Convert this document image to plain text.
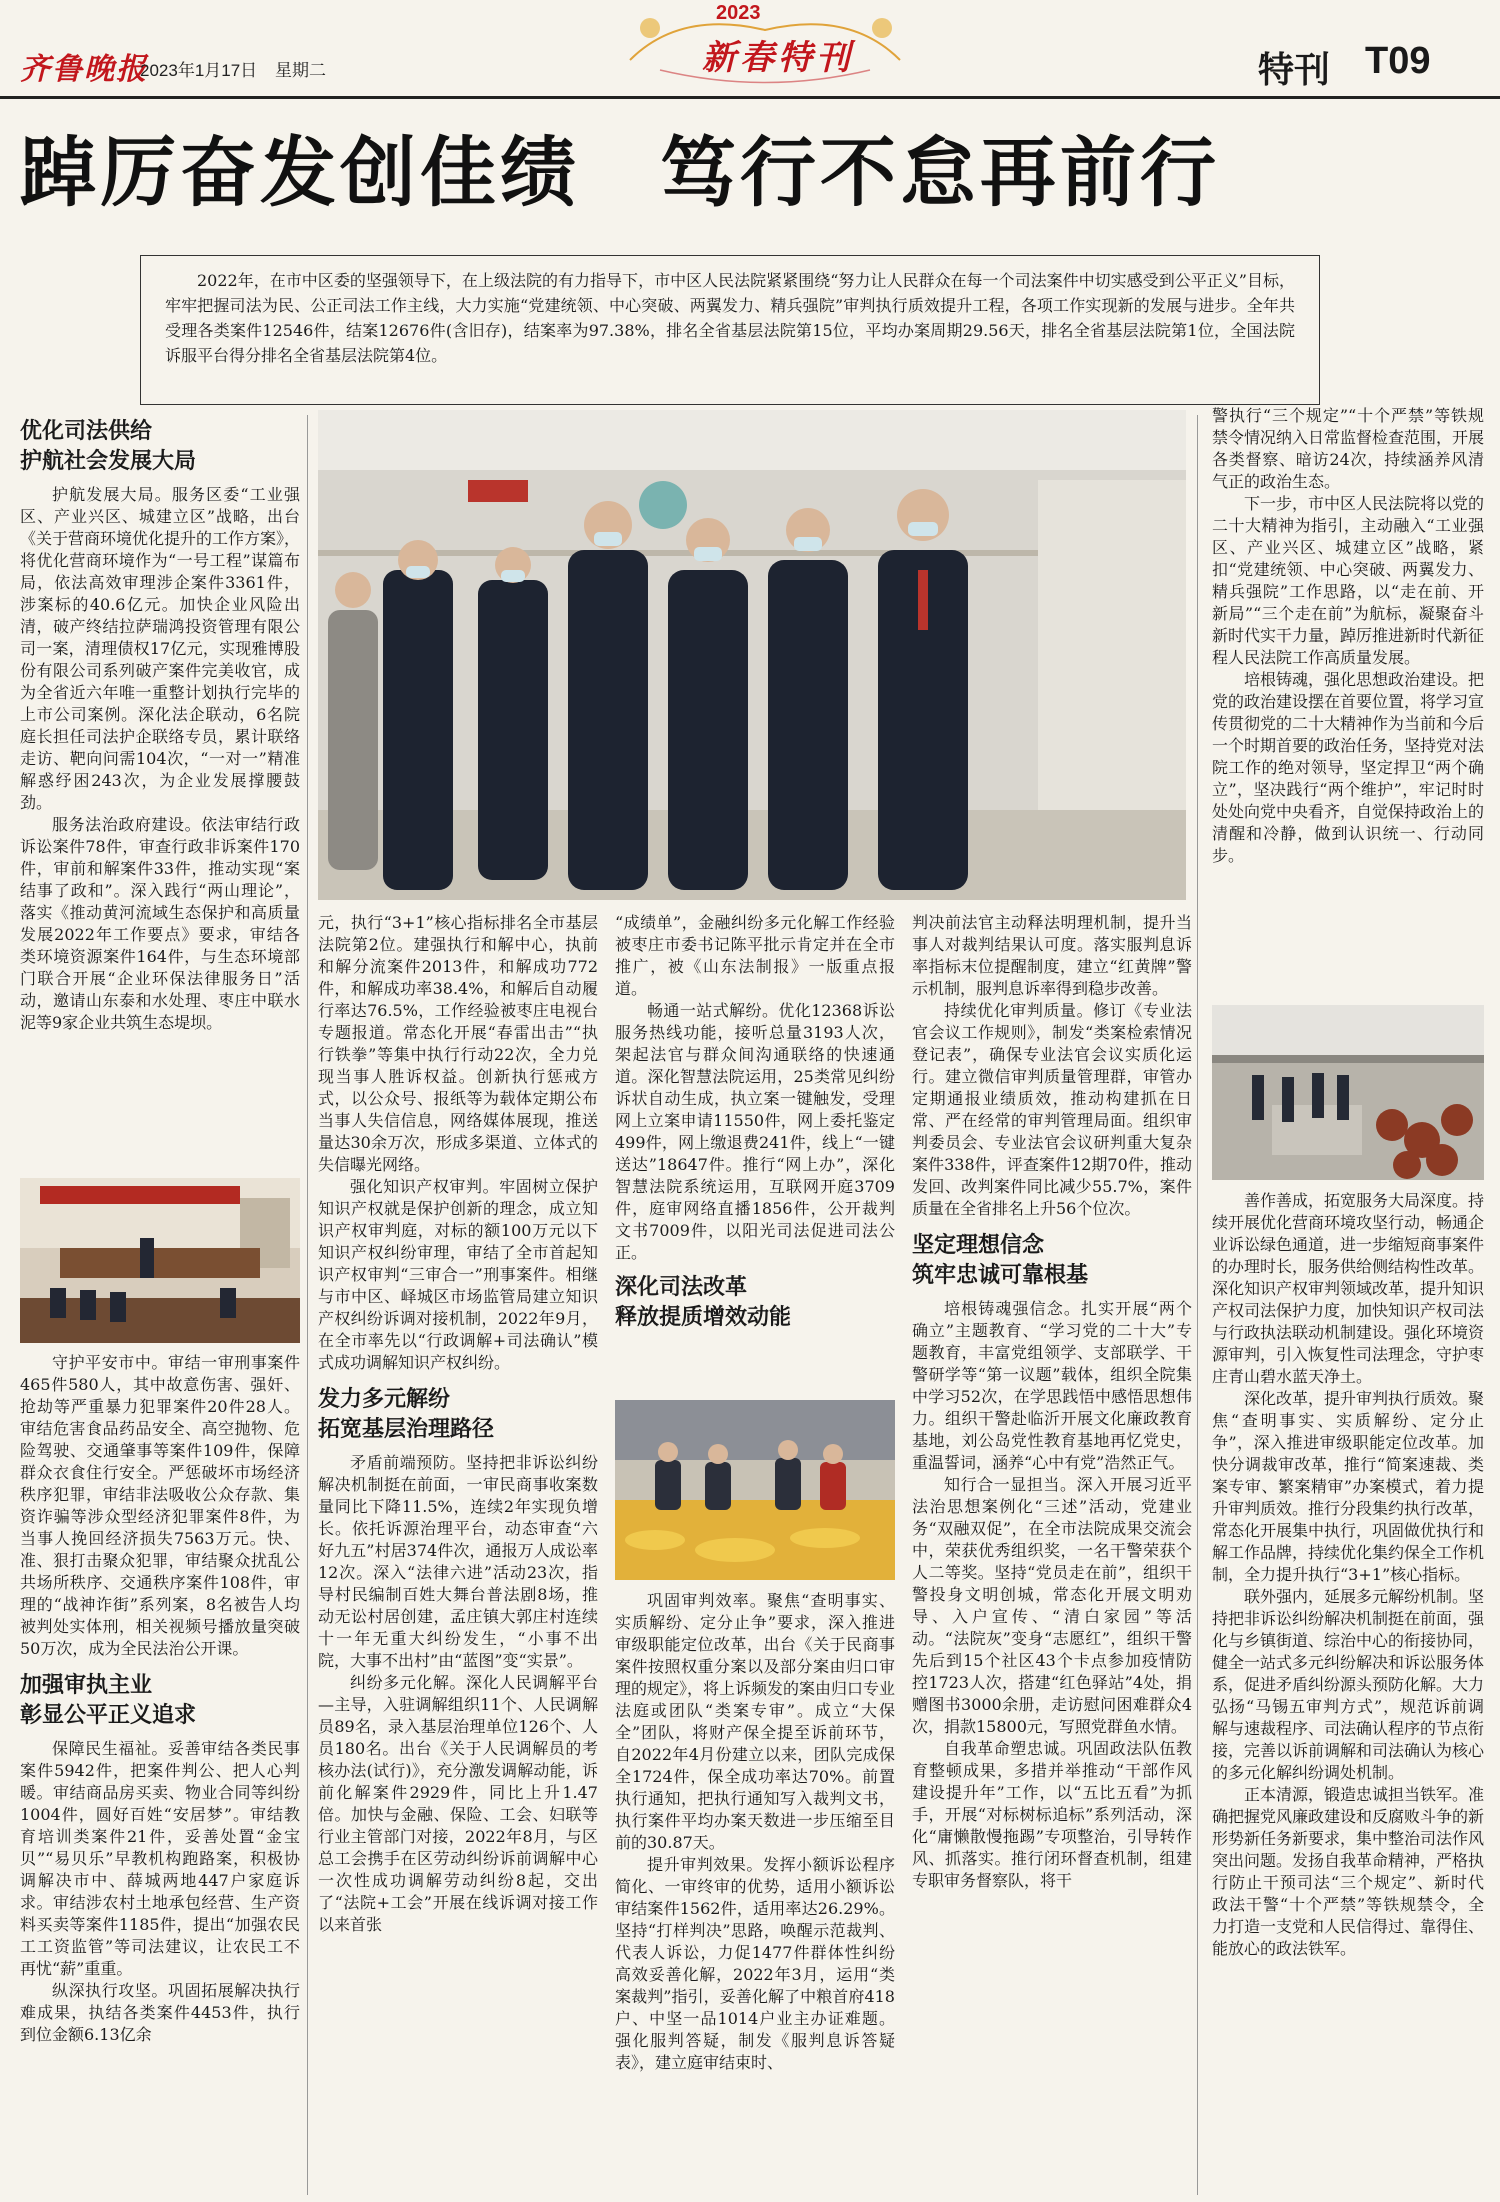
齐鲁晚报
2023年1月17日 星期二
2023
新春特刊	特刊 T09
踔厉奋发创佳绩 笃行不怠再前行
2022年，在市中区委的坚强领导下，在上级法院的有力指导下，市中区人民法院紧紧围绕“努力让人民群众在每一个司法案件中切实感受到公平正义”目标，牢牢把握司法为民、公正司法工作主线，大力实施“党建统领、中心突破、两翼发力、精兵强院”审判执行质效提升工程，各项工作实现新的发展与进步。全年共受理各类案件12546件，结案12676件(含旧存)，结案率为97.38%，排名全省基层法院第15位，平均办案周期29.56天，排名全省基层法院第1位，全国法院诉服平台得分排名全省基层法院第4位。
优化司法供给
护航社会发展大局

护航发展大局。服务区委“工业强区、产业兴区、城建立区”战略，出台《关于营商环境优化提升的工作方案》，将优化营商环境作为“一号工程”谋篇布局，依法高效审理涉企案件3361件，涉案标的40.6亿元。加快企业风险出清，破产终结拉萨瑞鸿投资管理有限公司一案，清理债权17亿元，实现雅博股份有限公司系列破产案件完美收官，成为全省近六年唯一重整计划执行完毕的上市公司案例。深化法企联动，6名院庭长担任司法护企联络专员，累计联络走访、靶向问需104次，“一对一”精准解惑纾困243次，为企业发展撑腰鼓劲。

服务法治政府建设。依法审结行政诉讼案件78件，审查行政非诉案件170件，审前和解案件33件，推动实现“案结事了政和”。深入践行“两山理论”，落实《推动黄河流域生态保护和高质量发展2022年工作要点》要求，审结各类环境资源案件164件，与生态环境部门联合开展“企业环保法律服务日”活动，邀请山东泰和水处理、枣庄中联水泥等9家企业共筑生态堤坝。

守护平安市中。审结一审刑事案件465件580人，其中故意伤害、强奸、抢劫等严重暴力犯罪案件20件28人。审结危害食品药品安全、高空抛物、危险驾驶、交通肇事等案件109件，保障群众衣食住行安全。严惩破坏市场经济秩序犯罪，审结非法吸收公众存款、集资诈骗等涉众型经济犯罪案件8件，为当事人挽回经济损失7563万元。快、准、狠打击聚众犯罪，审结聚众扰乱公共场所秩序、交通秩序案件108件，审理的“战神诈街”系列案，8名被告人均被判处实体刑，相关视频号播放量突破50万次，成为全民法治公开课。

加强审执主业
彰显公平正义追求

保障民生福祉。妥善审结各类民事案件5942件，把案件判公、把人心判暖。审结商品房买卖、物业合同等纠纷1004件，圆好百姓“安居梦”。审结教育培训类案件21件，妥善处置“金宝贝”“易贝乐”早教机构跑路案，积极协调解决市中、薛城两地447户家庭诉求。审结涉农村土地承包经营、生产资料买卖等案件1185件，提出“加强农民工工资监管”等司法建议，让农民工不再忧“薪”重重。

纵深执行攻坚。巩固拓展解决执行难成果，执结各类案件4453件，执行到位金额6.13亿余

元，执行“3+1”核心指标排名全市基层法院第2位。建强执行和解中心，执前和解分流案件2013件，和解成功772件，和解成功率38.4%，和解后自动履行率达76.5%，工作经验被枣庄电视台专题报道。常态化开展“春雷出击”“执行铁拳”等集中执行行动22次，全力兑现当事人胜诉权益。创新执行惩戒方式，以公众号、报纸等为载体定期公布当事人失信信息，网络媒体展现，推送量达30余万次，形成多渠道、立体式的失信曝光网络。

强化知识产权审判。牢固树立保护知识产权就是保护创新的理念，成立知识产权审判庭，对标的额100万元以下知识产权纠纷审理，审结了全市首起知识产权审判“三审合一”刑事案件。相继与市中区、峄城区市场监管局建立知识产权纠纷诉调对接机制，2022年9月，在全市率先以“行政调解+司法确认”模式成功调解知识产权纠纷。

发力多元解纷
拓宽基层治理路径

矛盾前端预防。坚持把非诉讼纠纷解决机制挺在前面，一审民商事收案数量同比下降11.5%，连续2年实现负增长。依托诉源治理平台，动态审查“六好九五”村居374件次，通报万人成讼率12次。深入“法律六进”活动23次，指导村民编制百姓大舞台普法剧8场，推动无讼村居创建，孟庄镇大郭庄村连续十一年无重大纠纷发生，“小事不出院，大事不出村”由“蓝图”变“实景”。

纠纷多元化解。深化人民调解平台—主导，入驻调解组织11个、人民调解员89名，录入基层治理单位126个、人员180名。出台《关于人民调解员的考核办法(试行)》，充分激发调解动能，诉前化解案件2929件，同比上升1.47倍。加快与金融、保险、工会、妇联等行业主管部门对接，2022年8月，与区总工会携手在区劳动纠纷诉前调解中心一次性成功调解劳动纠纷8起，交出了“法院+工会”开展在线诉调对接工作以来首张

“成绩单”，金融纠纷多元化解工作经验被枣庄市委书记陈平批示肯定并在全市推广，被《山东法制报》一版重点报道。

畅通一站式解纷。优化12368诉讼服务热线功能，接听总量3193人次，架起法官与群众间沟通联络的快速通道。深化智慧法院运用，25类常见纠纷诉状自动生成，执立案一键触发，受理网上立案申请11550件，网上委托鉴定499件，网上缴退费241件，线上“一键送达”18647件。推行“网上办”，深化智慧法院系统运用，互联网开庭3709件，庭审网络直播1856件，公开裁判文书7009件，以阳光司法促进司法公正。

深化司法改革
释放提质增效动能

巩固审判效率。聚焦“查明事实、实质解纷、定分止争”要求，深入推进审级职能定位改革，出台《关于民商事案件按照权重分案以及部分案由归口审理的规定》，将上诉频发的案由归口专业法庭或团队“类案专审”。成立“大保全”团队，将财产保全提至诉前环节，自2022年4月份建立以来，团队完成保全1724件，保全成功率达70%。前置执行通知，把执行通知写入裁判文书，执行案件平均办案天数进一步压缩至目前的30.87天。

提升审判效果。发挥小额诉讼程序简化、一审终审的优势，适用小额诉讼审结案件1562件，适用率达26.29%。坚持“打样判决”思路，唤醒示范裁判、代表人诉讼，力促1477件群体性纠纷高效妥善化解，2022年3月，运用“类案裁判”指引，妥善化解了中粮首府418户、中坚一品1014户业主办证难题。强化服判答疑，制发《服判息诉答疑表》，建立庭审结束时、

判决前法官主动释法明理机制，提升当事人对裁判结果认可度。落实服判息诉率指标末位提醒制度，建立“红黄牌”警示机制，服判息诉率得到稳步改善。

持续优化审判质量。修订《专业法官会议工作规则》，制发“类案检索情况登记表”，确保专业法官会议实质化运行。建立微信审判质量管理群，审管办定期通报业绩质效，推动构建抓在日常、严在经常的审判管理局面。组织审判委员会、专业法官会议研判重大复杂案件338件，评查案件12期70件，推动发回、改判案件同比减少55.7%，案件质量在全省排名上升56个位次。

坚定理想信念
筑牢忠诚可靠根基

培根铸魂强信念。扎实开展“两个确立”主题教育、“学习党的二十大”专题教育，丰富党组领学、支部联学、干警研学等“第一议题”载体，组织全院集中学习52次，在学思践悟中感悟思想伟力。组织干警赴临沂开展文化廉政教育基地，刘公岛党性教育基地再忆党史，重温誓词，涵养“心中有党”浩然正气。

知行合一显担当。深入开展习近平法治思想案例化“三述”活动，党建业务“双融双促”，在全市法院成果交流会中，荣获优秀组织奖，一名干警荣获个人二等奖。坚持“党员走在前”，组织干警投身文明创城，常态化开展文明劝导、入户宣传、“清白家园”等活动。“法院灰”变身“志愿红”，组织干警先后到15个社区43个卡点参加疫情防控1723人次，搭建“红色驿站”4处，捐赠图书3000余册，走访慰问困难群众4次，捐款15800元，写照党群鱼水情。

自我革命塑忠诚。巩固政法队伍教育整顿成果，多措并举推动“干部作风建设提升年”工作，以“五比五看”为抓手，开展“对标树标追标”系列活动，深化“庸懒散慢拖踢”专项整治，引导转作风、抓落实。推行闭环督查机制，组建专职审务督察队，将干

警执行“三个规定”“十个严禁”等铁规禁令情况纳入日常监督检查范围，开展各类督察、暗访24次，持续涵养风清气正的政治生态。

下一步，市中区人民法院将以党的二十大精神为指引，主动融入“工业强区、产业兴区、城建立区”战略，紧扣“党建统领、中心突破、两翼发力、精兵强院”工作思路，以“走在前、开新局”“三个走在前”为航标，凝聚奋斗新时代实干力量，踔厉推进新时代新征程人民法院工作高质量发展。

培根铸魂，强化思想政治建设。把党的政治建设摆在首要位置，将学习宣传贯彻党的二十大精神作为当前和今后一个时期首要的政治任务，坚持党对法院工作的绝对领导，坚定捍卫“两个确立”，坚决践行“两个维护”，牢记时时处处向党中央看齐，自觉保持政治上的清醒和冷静，做到认识统一、行动同步。

善作善成，拓宽服务大局深度。持续开展优化营商环境攻坚行动，畅通企业诉讼绿色通道，进一步缩短商事案件的办理时长，服务供给侧结构性改革。深化知识产权审判领域改革，提升知识产权司法保护力度，加快知识产权司法与行政执法联动机制建设。强化环境资源审判，引入恢复性司法理念，守护枣庄青山碧水蓝天净土。

深化改革，提升审判执行质效。聚焦“查明事实、实质解纷、定分止争”，深入推进审级职能定位改革。加快分调裁审改革，推行“简案速裁、类案专审、繁案精审”办案模式，着力提升审判质效。推行分段集约执行改革，常态化开展集中执行，巩固做优执行和解工作品牌，持续优化集约保全工作机制，全力提升执行“3+1”核心指标。

联外强内，延展多元解纷机制。坚持把非诉讼纠纷解决机制挺在前面，强化与乡镇街道、综治中心的衔接协同，健全一站式多元纠纷解决和诉讼服务体系，促进矛盾纠纷源头预防化解。大力弘扬“马锡五审判方式”，规范诉前调解与速裁程序、司法确认程序的节点衔接，完善以诉前调解和司法确认为核心的多元化解纠纷调处机制。

正本清源，锻造忠诚担当铁军。准确把握党风廉政建设和反腐败斗争的新形势新任务新要求，集中整治司法作风突出问题。发扬自我革命精神，严格执行防止干预司法“三个规定”、新时代政法干警“十个严禁”等铁规禁令，全力打造一支党和人民信得过、靠得住、能放心的政法铁军。
